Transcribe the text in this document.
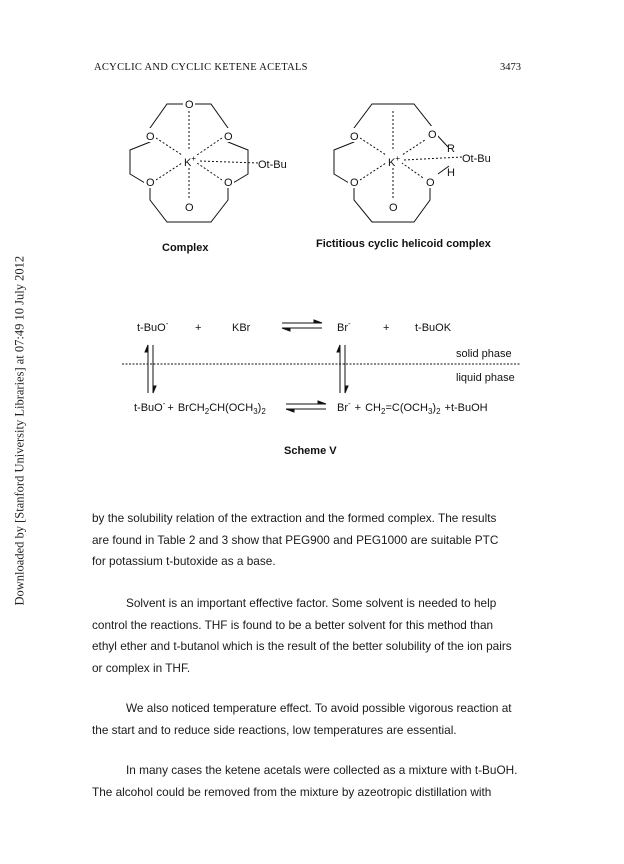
ACYCLIC AND CYCLIC KETENE ACETALS	3473
Downloaded by [Stanford University Libraries] at 07:49 10 July 2012
O
O	O
O	O
O
K+
Ot-Bu
O	O
O	O
O
R
H
K+	Ot-Bu
Complex	Fictitious cyclic helicoid complex
t-BuO- +	KBr	Br-	+ t-BuOK
solid phase
liquid phase
$t-BuO^- + BrCH_2CH(OCH_3)_2$	$Br^- + CH_2=C(OCH_3)_2$ +t-BuOH
Scheme V
by the solubility relation of the extraction and the formed complex. The results
are found in Table 2 and 3 show that PEG900 and PEG1000 are suitable PTC
for potassium t-butoxide as a base.
Solvent is an important effective factor. Some solvent is needed to help
control the reactions. THF is found to be a better solvent for this method than
ethyl ether and t-butanol which is the result of the better solubility of the ion pairs
or complex in THF.
We also noticed temperature effect. To avoid possible vigorous reaction at
the start and to reduce side reactions, low temperatures are essential.
In many cases the ketene acetals were collected as a mixture with t-BuOH.
The alcohol could be removed from the mixture by azeotropic distillation with
